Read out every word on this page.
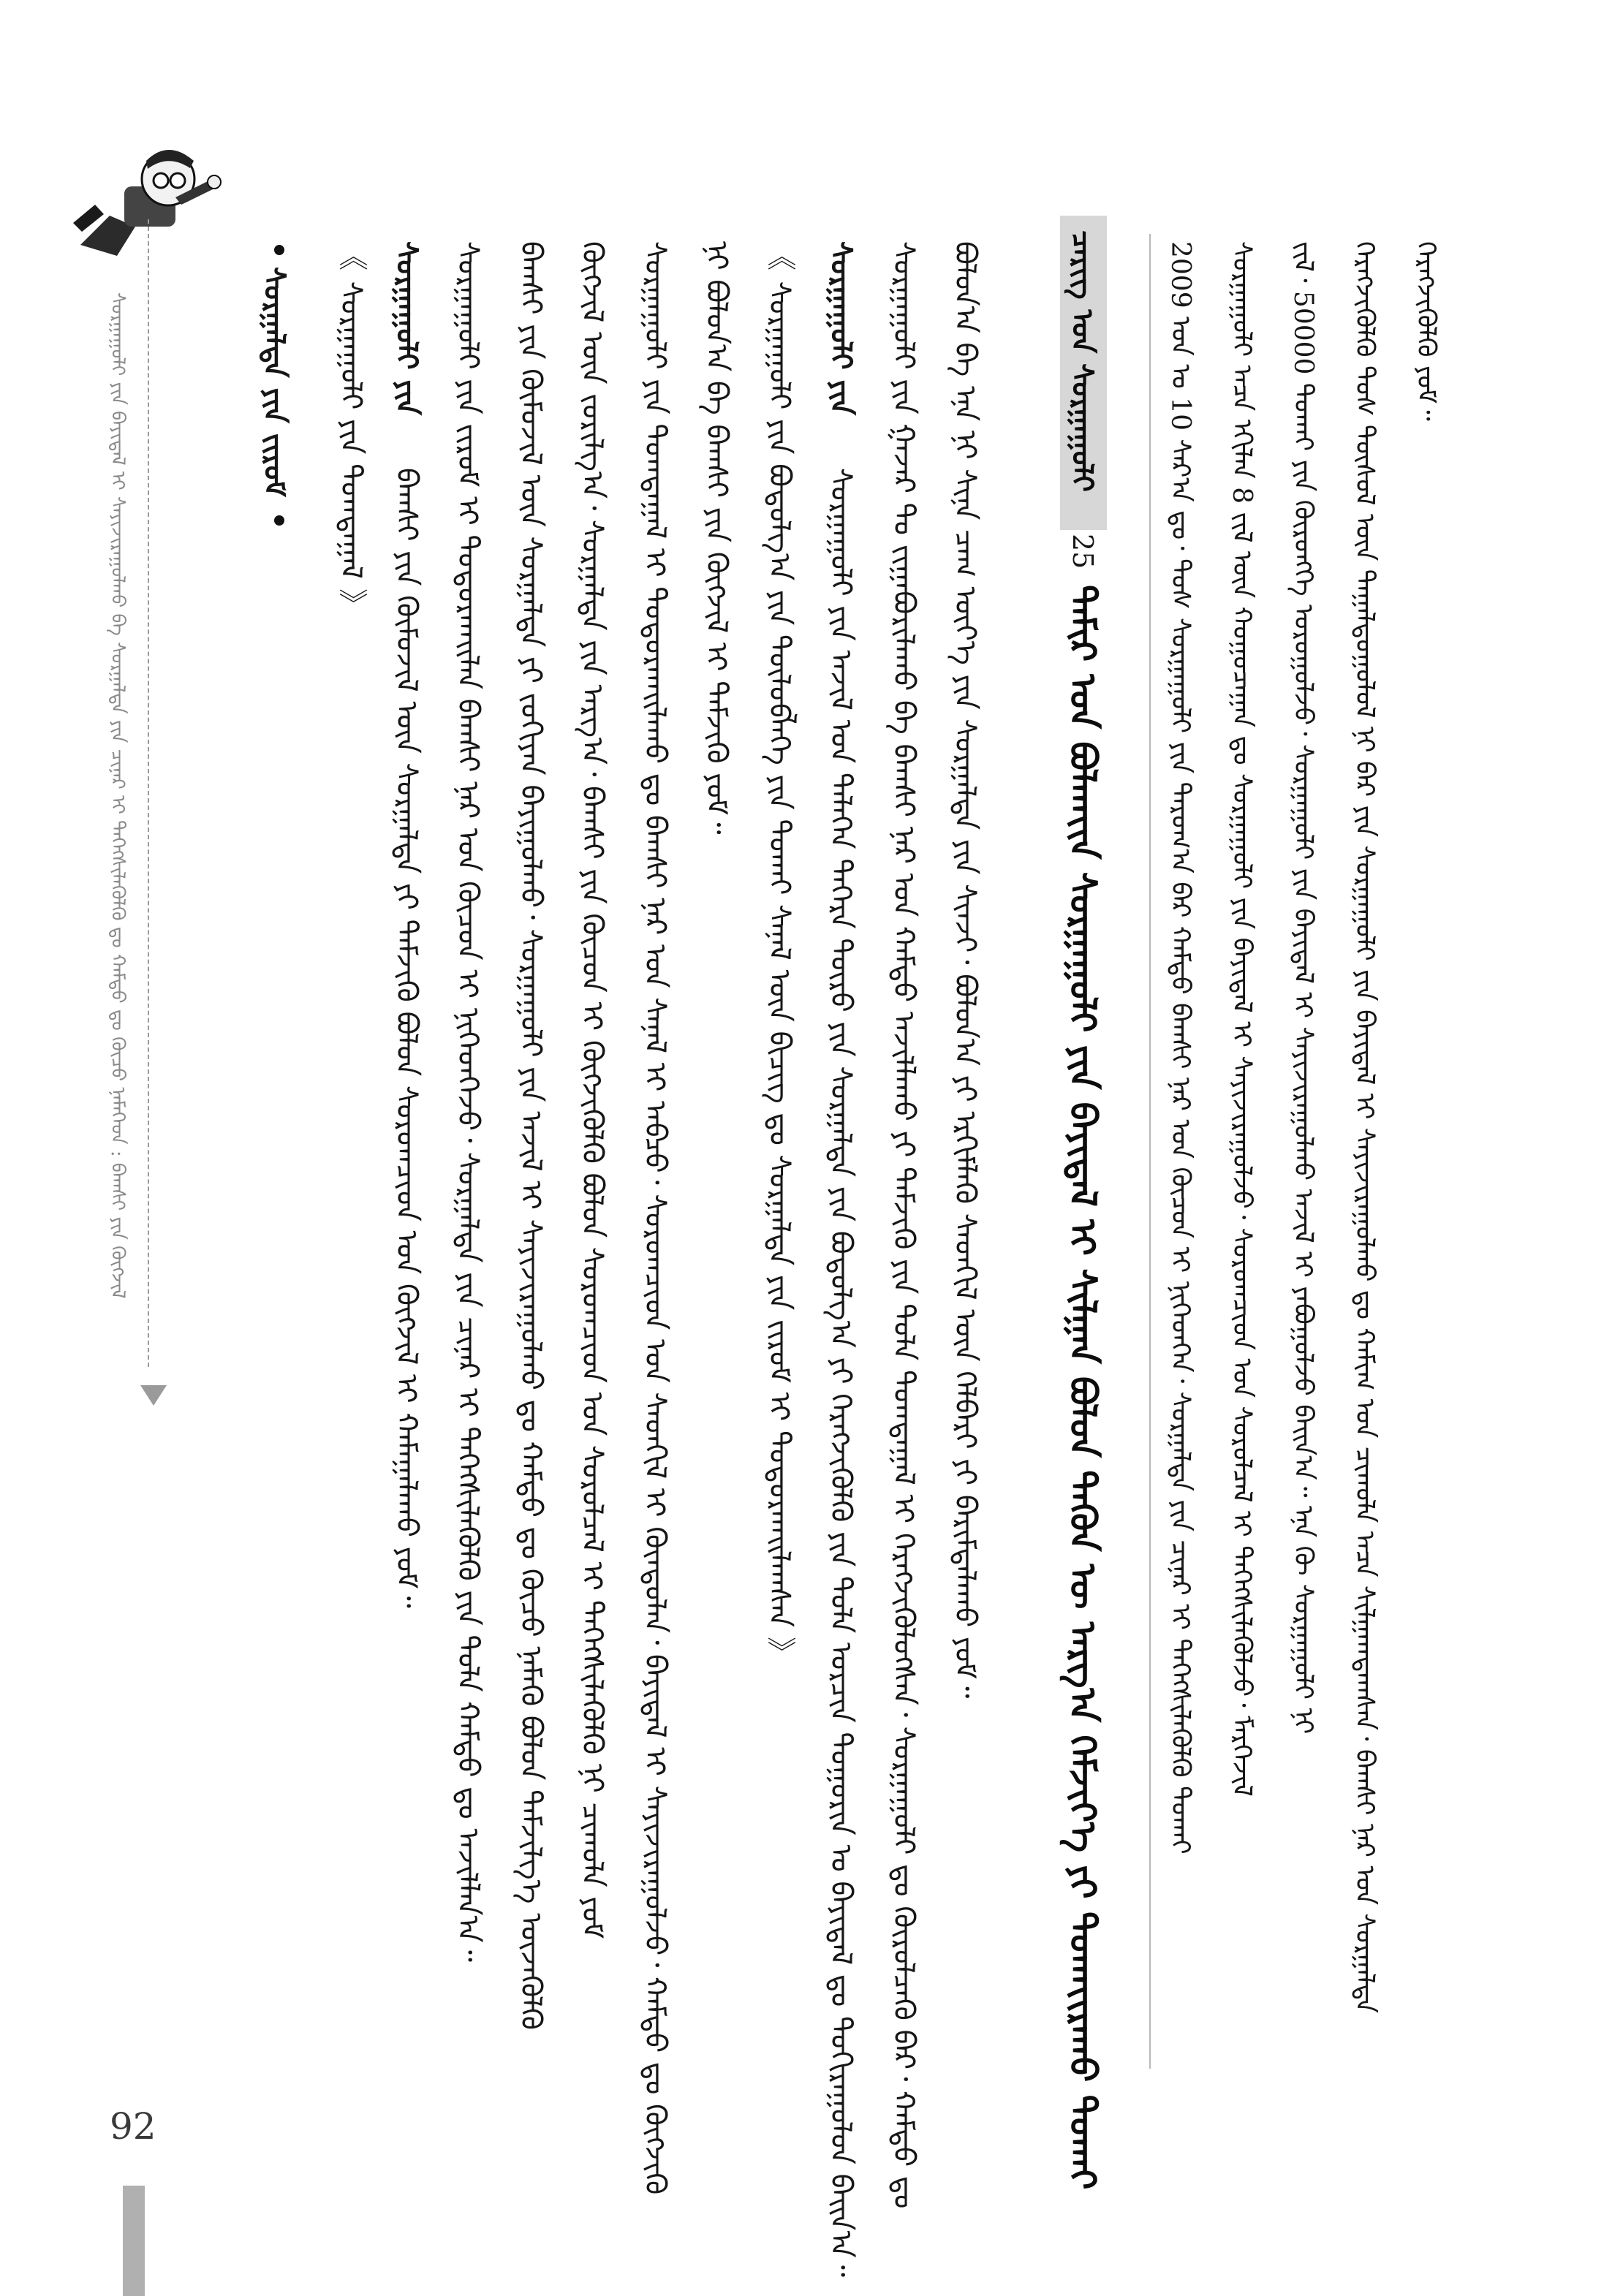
ᠰᠤᠷᠭᠠᠭᠤᠯᠢ ᠶᠢᠨ ᠪᠠᠶᠢᠳᠠᠯ ᠢ ᠰᠠᠶᠢᠵᠢᠷᠠᠭᠤᠯᠬᠤ ᠪᠠ ᠰᠤᠷᠭᠠᠯᠲᠠ ᠶᠢᠨ ᠴᠢᠨᠠᠷ ᠢ ᠳᠡᠭᠡᠭᠰᠢᠯᠡᠭᠦᠯᠬᠦ ᠳᠤ ᠬᠠᠮᠲᠤ ᠳᠤ ᠬᠦᠴᠦ ᠨᠡᠮᠡᠭᠡᠳ : ᠪᠠᠭᠰᠢ ᠶᠢᠨ ᠬᠥᠭᠵᠢᠯ	ᠰᠤᠷᠭᠠᠯᠲᠠ ᠶᠢᠨ ᠵᠢᠷᠤᠮ 《 ᠰᠤᠷᠭᠠᠭᠤᠯᠢ ᠶᠢᠨ ᠲᠣᠭᠲᠠᠭᠠᠯ 》 ᠰᠤᠷᠭᠠᠭᠤᠯᠢ ᠶᠢᠨ
ᠪᠠᠭᠰᠢ ᠶᠢᠨ ᠬᠦᠮᠦᠵᠢᠯ ᠦᠨ ᠰᠤᠷᠭᠠᠯᠲᠠ ᠶᠢ ᠳᠡᠮᠵᠢᠬᠦ ᠪᠣᠯᠣᠨ ᠰᠤᠷᠤᠭᠴᠢᠳ ᠤᠨ ᠬᠥᠭᠵᠢᠯ ᠢ ᠬᠠᠮᠠᠭᠠᠯᠠᠬᠤ ᠶᠤᠮ᠃ ᠰᠤᠷᠭᠠᠭᠤᠯᠢ ᠶᠢᠨ ᠵᠢᠷᠤᠮ ᠢ ᠲᠣᠳᠣᠷᠬᠠᠢᠯᠠᠨ ᠪᠠᠭᠰᠢ ᠨᠠᠷ ᠤᠨ ᠬᠦᠴᠦᠨ ᠢ ᠨᠢᠭᠡᠳᠭᠡᠵᠦ᠂ ᠰᠤᠷᠭᠠᠯᠲᠠ ᠶᠢᠨ ᠴᠢᠨᠠᠷ ᠢ ᠳᠡᠭᠡᠭᠰᠢᠯᠡᠭᠦᠯᠬᠦ ᠶᠢᠨ ᠲᠤᠯᠠ ᠬᠠᠮᠲᠤ ᠳᠤ ᠠᠵᠢᠯᠯᠠᠨ᠎ᠠ᠃ ᠪᠠᠭᠰᠢ ᠶᠢᠨ ᠬᠦᠮᠦᠵᠢᠯ ᠦᠨ ᠰᠤᠷᠭᠠᠯᠲᠠ ᠶᠢ ᠵᠣᠬᠢᠶᠠᠨ ᠪᠠᠶᠢᠭᠤᠯᠬᠤ᠂ ᠰᠤᠷᠭᠠᠭᠤᠯᠢ ᠶᠢᠨ ᠠᠵᠢᠯ ᠢ ᠰᠠᠶᠢᠵᠢᠷᠠᠭᠤᠯᠬᠤ ᠳᠤ ᠬᠠᠮᠲᠤ ᠳᠤ ᠬᠦᠴᠦ ᠨᠡᠮᠡᠬᠦ ᠪᠣᠯᠣᠨ ᠳᠡᠮᠵᠢᠯᠭ᠎ᠡ ᠦᠵᠡᠭᠦᠯᠬᠦ ᠬᠥᠭᠵᠢᠯ ᠦᠨ ᠵᠣᠷᠢᠯᠭ᠎ᠠ᠂ ᠰᠤᠷᠭᠠᠯᠲᠠ ᠶᠢᠨ ᠠᠷᠭ᠎ᠠ᠂ ᠪᠠᠭᠰᠢ ᠶᠢᠨ ᠬᠦᠴᠦᠨ ᠢ ᠬᠥᠭᠵᠢᠭᠦᠯᠬᠦ ᠪᠣᠯᠣᠨ ᠰᠤᠷᠤᠭᠴᠢᠳ ᠤᠨ ᠰᠤᠷᠤᠯᠴᠠᠯ ᠢ ᠳᠡᠭᠡᠭᠰᠢᠯᠡᠭᠦᠯᠬᠦ ᠨᠢ ᠴᠢᠬᠤᠯᠠ ᠶᠤᠮ ᠰᠤᠷᠭᠠᠭᠤᠯᠢ ᠶᠢᠨ ᠲᠣᠭᠲᠠᠭᠠᠯ ᠢ ᠲᠣᠳᠣᠷᠬᠠᠢᠯᠠᠬᠤ ᠳᠤ ᠪᠠᠭᠰᠢ ᠨᠠᠷ ᠤᠨ ᠰᠠᠨᠠᠯ ᠢ ᠠᠪᠴᠤ᠂ ᠰᠤᠷᠤᠭᠴᠢᠳ ᠤᠨ ᠰᠡᠳᠭᠢᠯ ᠢ ᠬᠦᠨᠳᠦᠯᠡᠨ᠂ ᠪᠠᠶᠢᠳᠠᠯ ᠢ ᠰᠠᠶᠢᠵᠢᠷᠠᠭᠤᠯᠵᠤ᠂ ᠬᠠᠮᠲᠤ ᠳᠤ ᠬᠥᠭᠵᠢᠬᠦ ᠨᠢ ᠪᠣᠯᠣᠨ᠎ᠠ ᠪᠠ ᠪᠠᠭᠰᠢ ᠶᠢᠨ ᠬᠥᠭᠵᠢᠯ ᠢ ᠳᠡᠮᠵᠢᠬᠦ ᠶᠤᠮ᠃ 《 ᠰᠤᠷᠭᠠᠭᠤᠯᠢ ᠶᠢᠨ ᠪᠣᠳᠣᠯᠭ᠎ᠠ ᠶᠢᠨ ᠲᠥᠯᠥᠪᠯᠡᠭᠡ ᠶᠢᠨ ᠲᠤᠬᠠᠢ ᠰᠠᠨᠠᠯ ᠦᠨ ᠪᠢᠴᠢᠭ ᠳᠤ ᠰᠤᠷᠭᠠᠯᠲᠠ ᠶᠢᠨ ᠵᠢᠷᠤᠮ ᠢ ᠲᠣᠳᠣᠷᠬᠠᠢᠯᠠᠭᠰᠠᠨ 》 ᠰᠤᠷᠭᠠᠭᠤᠯᠢ ᠶᠢᠨ
ᠰᠤᠷᠭᠠᠭᠤᠯᠢ ᠶᠢᠨ ᠠᠵᠢᠯ ᠤᠨ ᠳᠡᠯᠡᠭᠡᠨ ᠳᠡᠭᠡᠷᠡ ᠲᠦᠷᠦ ᠶᠢᠨ ᠰᠤᠷᠭᠠᠯᠲᠠ ᠶᠢᠨ ᠪᠣᠳᠣᠯᠭ᠎ᠠ ᠶᠢ ᠬᠡᠷᠡᠭᠵᠢᠭᠦᠯᠬᠦ ᠶᠢᠨ ᠲᠤᠯᠠ ᠣᠷᠴᠢᠨ ᠲᠣᠭᠣᠷᠢᠨ ᠤ ᠪᠠᠶᠢᠳᠠᠯ ᠳᠤ ᠲᠣᠬᠢᠷᠠᠭᠤᠯᠤᠨ ᠪᠠᠢᠨ᠎ᠠ᠃ ᠰᠤᠷᠭᠠᠭᠤᠯᠢ ᠶᠢᠨ ᠭᠠᠵᠠᠷ ᠲᠤ ᠵᠢᠭᠠᠪᠤᠷᠢᠯᠠᠬᠤ ᠪᠠ ᠪᠠᠭᠰᠢ ᠨᠠᠷ ᠤᠨ ᠬᠠᠮᠲᠤ ᠠᠵᠢᠯᠯᠠᠬᠤ ᠶᠢ ᠳᠡᠮᠵᠢᠬᠦ ᠶᠢᠨ ᠲᠤᠯᠠ ᠲᠣᠭᠲᠠᠭᠠᠯ ᠢ ᠬᠡᠷᠡᠭᠵᠢᠭᠦᠯᠦᠭᠰᠡᠨ᠂ ᠰᠤᠷᠭᠠᠭᠤᠯᠢ ᠳᠤ ᠬᠦᠷᠦᠯᠴᠡᠬᠦ ᠪᠡᠷ᠂ ᠬᠠᠮᠲᠤ ᠳᠤ ᠪᠣᠯᠣᠨ᠎ᠠ ᠪᠠ ᠡᠨᠡ ᠨᠢ ᠰᠢᠨᠡ ᠴᠠᠭ ᠦᠶ᠎ᠡ ᠶᠢᠨ ᠰᠤᠷᠭᠠᠯᠲᠠ ᠶᠢᠨ ᠰᠢᠨᠵᠢ᠂ ᠪᠣᠯᠣᠨ᠎ᠠ ᠶᠢ ᠡᠷᠬᠢᠮᠯᠡᠬᠦ ᠰᠡᠳᠭᠢᠯ ᠦᠨ ᠬᠡᠯᠪᠡᠷᠢ ᠶᠢ ᠪᠠᠷᠢᠮᠲᠠᠯᠠᠬᠤ ᠶᠤᠮ᠃	ᠴᠡᠷᠢᠭ ᠤᠨ ᠰᠤᠷᠭᠠᠭᠤᠯᠢ
25
ᠲᠠᠮᠢᠷ ᠤᠨ ᠪᠣᠯᠬᠠᠶ᠋ᠢᠨ ᠰᠤᠷᠭᠠᠭᠤᠯᠢ ᠶᠢᠨ ᠪᠠᠶᠢᠳᠠᠯ ᠢ ᠰᠢᠯᠭᠠᠨ ᠪᠣᠯᠤᠨ ᠲᠡᠭᠦᠨ ᠦ ᠠᠷᠭ᠎ᠠ ᠬᠡᠮᠵᠢᠶ᠎ᠡ ᠶᠢ ᠲᠤᠬᠠᠶ᠋ᠢᠷᠠᠬᠤ ᠲᠤᠬᠠᠢ 2009 ᠣᠨ ᠤ 10 ᠰᠠᠷ᠎ᠠ ᠳᠤ᠂ ᠲᠤᠰ ᠰᠤᠷᠭᠠᠭᠤᠯᠢ ᠶᠢᠨ ᠳᠠᠷᠤᠭ᠎ᠠ ᠪᠡᠷ ᠬᠠᠮᠲᠤ ᠪᠠᠭᠰᠢ ᠨᠠᠷ ᠤᠨ ᠬᠦᠴᠦᠨ ᠢ ᠨᠢᠭᠡᠳᠭᠡᠨ᠂ ᠰᠤᠷᠭᠠᠯᠲᠠ ᠶᠢᠨ ᠴᠢᠨᠠᠷ ᠢ ᠳᠡᠭᠡᠭᠰᠢᠯᠡᠭᠦᠯᠬᠦ ᠲᠤᠬᠠᠢ ᠰᠤᠷᠭᠠᠭᠤᠯᠢ ᠠᠴᠠ ᠡᠬᠢᠯᠡᠨ 8 ᠵᠢᠯ ᠦᠨ ᠬᠤᠭᠤᠴᠠᠭᠠᠨ ᠳᠤ ᠰᠤᠷᠭᠠᠭᠤᠯᠢ ᠶᠢᠨ ᠪᠠᠶᠢᠳᠠᠯ ᠢ ᠰᠠᠶᠢᠵᠢᠷᠠᠭᠤᠯᠵᠤ᠂ ᠰᠤᠷᠤᠭᠴᠢᠳ ᠤᠨ ᠰᠤᠷᠤᠯᠴᠠᠯ ᠢ ᠳᠡᠭᠡᠭᠰᠢᠯᠡᠭᠦᠯᠵᠦ᠂ ᠮᠡᠷᠭᠡᠵᠢᠯ ᠵᠢᠯ᠂ 50000 ᠲᠤᠬᠠᠢ ᠶᠢᠨ ᠬᠥᠷᠥᠩᠭᠡ ᠣᠷᠤᠭᠤᠯᠵᠤ᠂ ᠰᠤᠷᠭᠠᠭᠤᠯᠢ ᠶᠢᠨ ᠪᠠᠶᠢᠳᠠᠯ ᠢ ᠰᠠᠶᠢᠵᠢᠷᠠᠭᠤᠯᠬᠤ ᠠᠵᠢᠯ ᠢ ᠶᠠᠪᠤᠭᠤᠯᠵᠤ ᠪᠠᠢᠨ᠎ᠠ᠃ ᠡᠨᠡ ᠬᠦ ᠰᠤᠷᠭᠠᠭᠤᠯᠢ ᠨᠢ ᠬᠡᠷᠡᠭᠵᠢᠭᠦᠯᠬᠦ ᠲᠤᠰ ᠲᠥᠰᠥᠯ ᠦᠨ ᠳᠠᠭᠠᠯᠳᠤᠭᠤᠯᠤᠯ ᠨᠢ ᠪᠡᠷ ᠶᠢᠨ ᠰᠤᠷᠭᠠᠭᠤᠯᠢ ᠶᠢᠨ ᠪᠠᠶᠢᠳᠠᠯ ᠢ ᠰᠠᠶᠢᠵᠢᠷᠠᠭᠤᠯᠬᠤ ᠳᠤ ᠬᠠᠮᠢᠭ ᠤᠨ ᠴᠢᠬᠤᠯᠠ ᠠᠴᠠ ᠰᠢᠯᠭᠠᠭᠳᠠᠭᠰᠠᠨ᠂ ᠪᠠᠭᠰᠢ ᠨᠠᠷ ᠤᠨ ᠰᠤᠷᠭᠠᠯᠲᠠ ᠬᠡᠷᠡᠭᠵᠢᠭᠦᠯᠬᠦ ᠶᠤᠮ᠃
92
